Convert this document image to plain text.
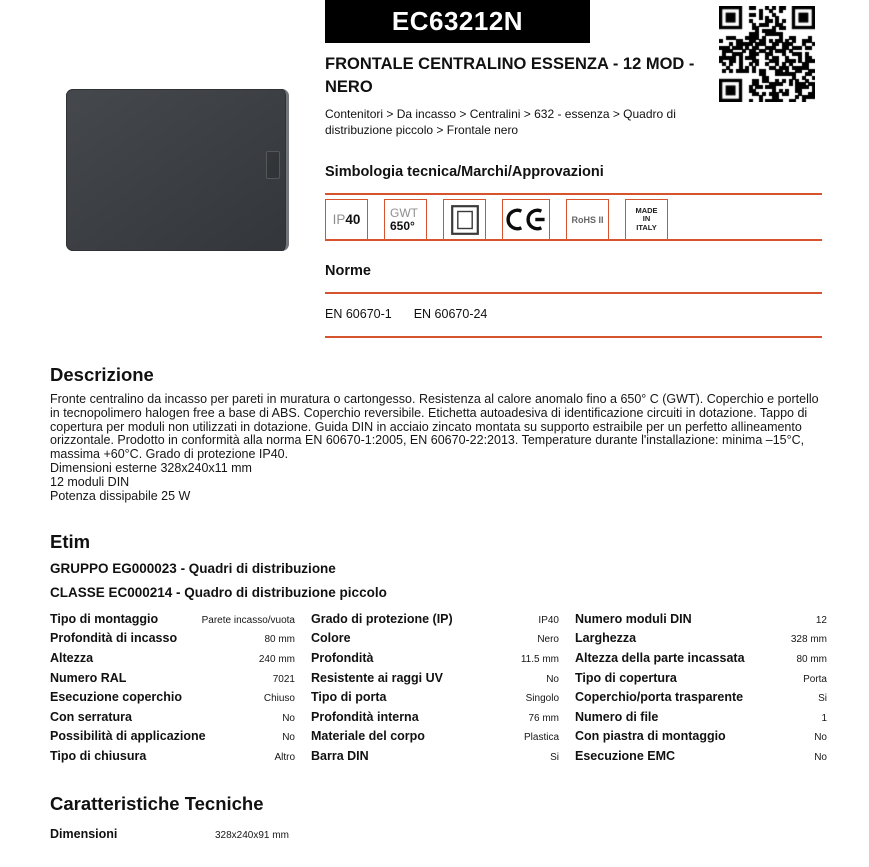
EC63212N
FRONTALE CENTRALINO ESSENZA - 12 MOD - NERO
Contenitori > Da incasso > Centralini > 632 - essenza > Quadro di distribuzione piccolo > Frontale nero
Simbologia tecnica/Marchi/Approvazioni
IP 40 GWT
650°	RoHS II
MADE
IN
ITALY
Norme
EN 60670-1 EN 60670-24
Descrizione

Fronte centralino da incasso per pareti in muratura o cartongesso. Resistenza al calore anomalo fino a 650° C (GWT). Coperchio e portello in tecnopolimero halogen free a base di ABS. Coperchio reversibile. Etichetta autoadesiva di identificazione circuiti in dotazione. Tappo di copertura per moduli non utilizzati in dotazione. Guida DIN in acciaio zincato montata su supporto estraibile per un perfetto allineamento orizzontale. Prodotto in conformità alla norma EN 60670-1:2005, EN 60670-22:2013. Temperature durante l'installazione: minima –15°C, massima +60°C. Grado di protezione IP40.

Dimensioni esterne 328x240x11 mm

12 moduli DIN

Potenza dissipabile 25 W

Etim
GRUPPO EG000023 - Quadri di distribuzione
CLASSE EC000214 - Quadro di distribuzione piccolo
Tipo di montaggio	Parete incasso/vuota
Profondità di incasso	80 mm
Altezza	240 mm
Numero RAL	7021
Esecuzione coperchio	Chiuso
Con serratura	No
Possibilità di applicazione	No
Tipo di chiusura	Altro
Grado di protezione (IP)	IP40
Colore	Nero
Profondità	11.5 mm
Resistente ai raggi UV	No
Tipo di porta	Singolo
Profondità interna	76 mm
Materiale del corpo	Plastica
Barra DIN	Si
Numero moduli DIN	12
Larghezza	328 mm
Altezza della parte incassata	80 mm
Tipo di copertura	Porta
Coperchio/porta trasparente	Si
Numero di file	1
Con piastra di montaggio	No
Esecuzione EMC	No
Caratteristiche Tecniche
Dimensioni	328x240x91 mm
